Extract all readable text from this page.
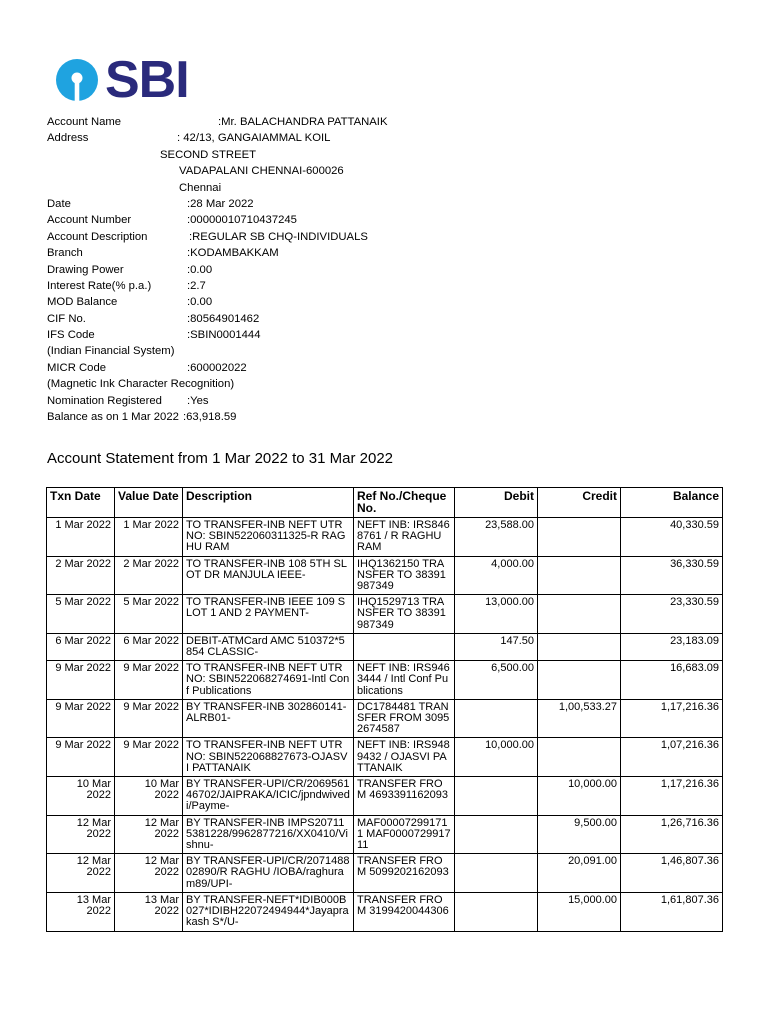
SBI
Account Name	:Mr. BALACHANDRA PATTANAIK
Address	: 42/13, GANGAIAMMAL KOIL
SECOND STREET
VADAPALANI CHENNAI-600026
Chennai
Date	:28 Mar 2022
Account Number	:00000010710437245
Account Description	:REGULAR SB CHQ-INDIVIDUALS
Branch	:KODAMBAKKAM
Drawing Power	:0.00
Interest Rate(% p.a.)	:2.7
MOD Balance	:0.00
CIF No.	:80564901462
IFS Code	:SBIN0001444
(Indian Financial System)
MICR Code	:600002022
(Magnetic Ink Character Recognition)
Nomination Registered :Yes
Balance as on 1 Mar 2022 :63,918.59
Account Statement from 1 Mar 2022 to 31 Mar 2022
Txn Date	Value Date	Description	Ref No./Cheque No.	Debit	Credit	Balance
1 Mar 2022	1 Mar 2022	TO TRANSFER-INB NEFT UTR NO: SBIN522060311325-R RAGHU RAM	NEFT INB: IRS8468761 / R RAGHU RAM	23,588.00		40,330.59
2 Mar 2022	2 Mar 2022	TO TRANSFER-INB 108 5TH SLOT DR MANJULA IEEE-	IHQ1362150 TRANSFER TO 38391987349	4,000.00		36,330.59
5 Mar 2022	5 Mar 2022	TO TRANSFER-INB IEEE 109 SLOT 1 AND 2 PAYMENT-	IHQ1529713 TRANSFER TO 38391987349	13,000.00		23,330.59
6 Mar 2022	6 Mar 2022	DEBIT-ATMCard AMC 510372*5854 CLASSIC-		147.50		23,183.09
9 Mar 2022	9 Mar 2022	TO TRANSFER-INB NEFT UTR NO: SBIN522068274691-Intl Conf Publications	NEFT INB: IRS9463444 / Intl Conf Publications	6,500.00		16,683.09
9 Mar 2022	9 Mar 2022	BY TRANSFER-INB 302860141-ALRB01-	DC1784481 TRANSFER FROM 30952674587		1,00,533.27	1,17,216.36
9 Mar 2022	9 Mar 2022	TO TRANSFER-INB NEFT UTR NO: SBIN522068827673-OJASVI PATTANAIK	NEFT INB: IRS9489432 / OJASVI PATTANAIK	10,000.00		1,07,216.36
10 Mar 2022	10 Mar 2022	BY TRANSFER-UPI/CR/206956146702/JAIPRAKA/ICIC/jpndwivedi/Payme-	TRANSFER FROM 4693391162093		10,000.00	1,17,216.36
12 Mar 2022	12 Mar 2022	BY TRANSFER-INB IMPS207115381228/9962877216/XX0410/Vishnu-	MAF000072991711 MAF000072991711		9,500.00	1,26,716.36
12 Mar 2022	12 Mar 2022	BY TRANSFER-UPI/CR/207148802890/R RAGHU /IOBA/raghuram89/UPI-	TRANSFER FROM 5099202162093		20,091.00	1,46,807.36
13 Mar 2022	13 Mar 2022	BY TRANSFER-NEFT*IDIB000B027*IDIBH22072494944*Jayaprakash S*/U-	TRANSFER FROM 3199420044306		15,000.00	1,61,807.36
